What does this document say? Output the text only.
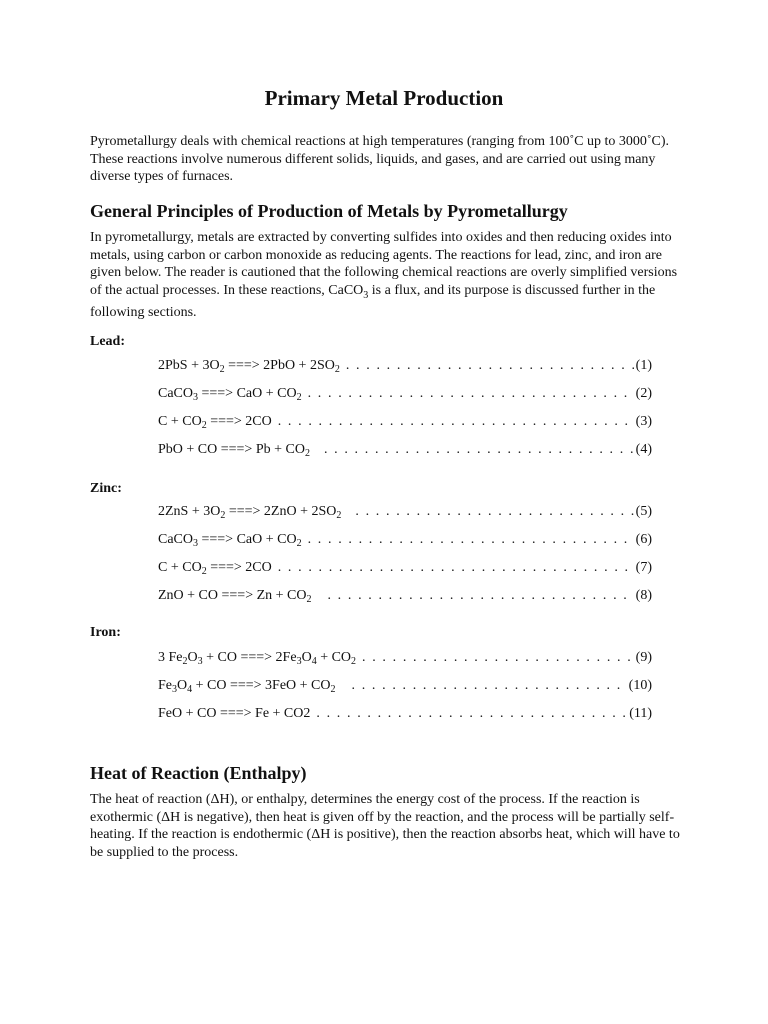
Primary Metal Production

Pyrometallurgy deals with chemical reactions at high temperatures (ranging from 100˚C up to 3000˚C). These reactions involve numerous different solids, liquids, and gases, and are carried out using many diverse types of furnaces.

General Principles of Production of Metals by Pyrometallurgy

In pyrometallurgy, metals are extracted by converting sulfides into oxides and then reducing oxides into metals, using carbon or carbon monoxide as reducing agents. The reactions for lead, zinc, and iron are given below. The reader is cautioned that the following chemical reactions are overly simplified versions of the actual processes. In these reactions, CaCO$_3$ is a flux, and its purpose is discussed further in the following sections.

Lead:
$2PbS + 3O_2$ ===> $2PbO + 2SO_2$ . . .	(1)
CaCO$_3$ ===> CaO + $CO_2$ . . .	(2)
$C + CO_2$ ===> 2CO . . .	(3)
PbO + CO ===> $Pb + CO_2$ . . .	(4)
Zinc:
$2ZnS + 3O_2$ ===> $2ZnO + 2SO_2$ . . .	(5)
CaCO$_3$ ===> CaO + $CO_2$ . . .	(6)
$C + CO_2$ ===> 2CO . . .	(7)
ZnO + CO ===> $Zn + CO_2$ . . .	(8)
Iron:
3 $Fe_2O_3$ + CO ===> $2Fe_3O_4 + CO_2$ . . .	(9)
$Fe_3O_4$ + CO ===> $3FeO + CO_2$ . . .	(10)
FeO + CO ===> Fe + CO2 . . .	(11)
Heat of Reaction (Enthalpy)

The heat of reaction (ΔH), or enthalpy, determines the energy cost of the process. If the reaction is exothermic (ΔH is negative), then heat is given off by the reaction, and the process will be partially self-heating. If the reaction is endothermic (ΔH is positive), then the reaction absorbs heat, which will have to be supplied to the process.
